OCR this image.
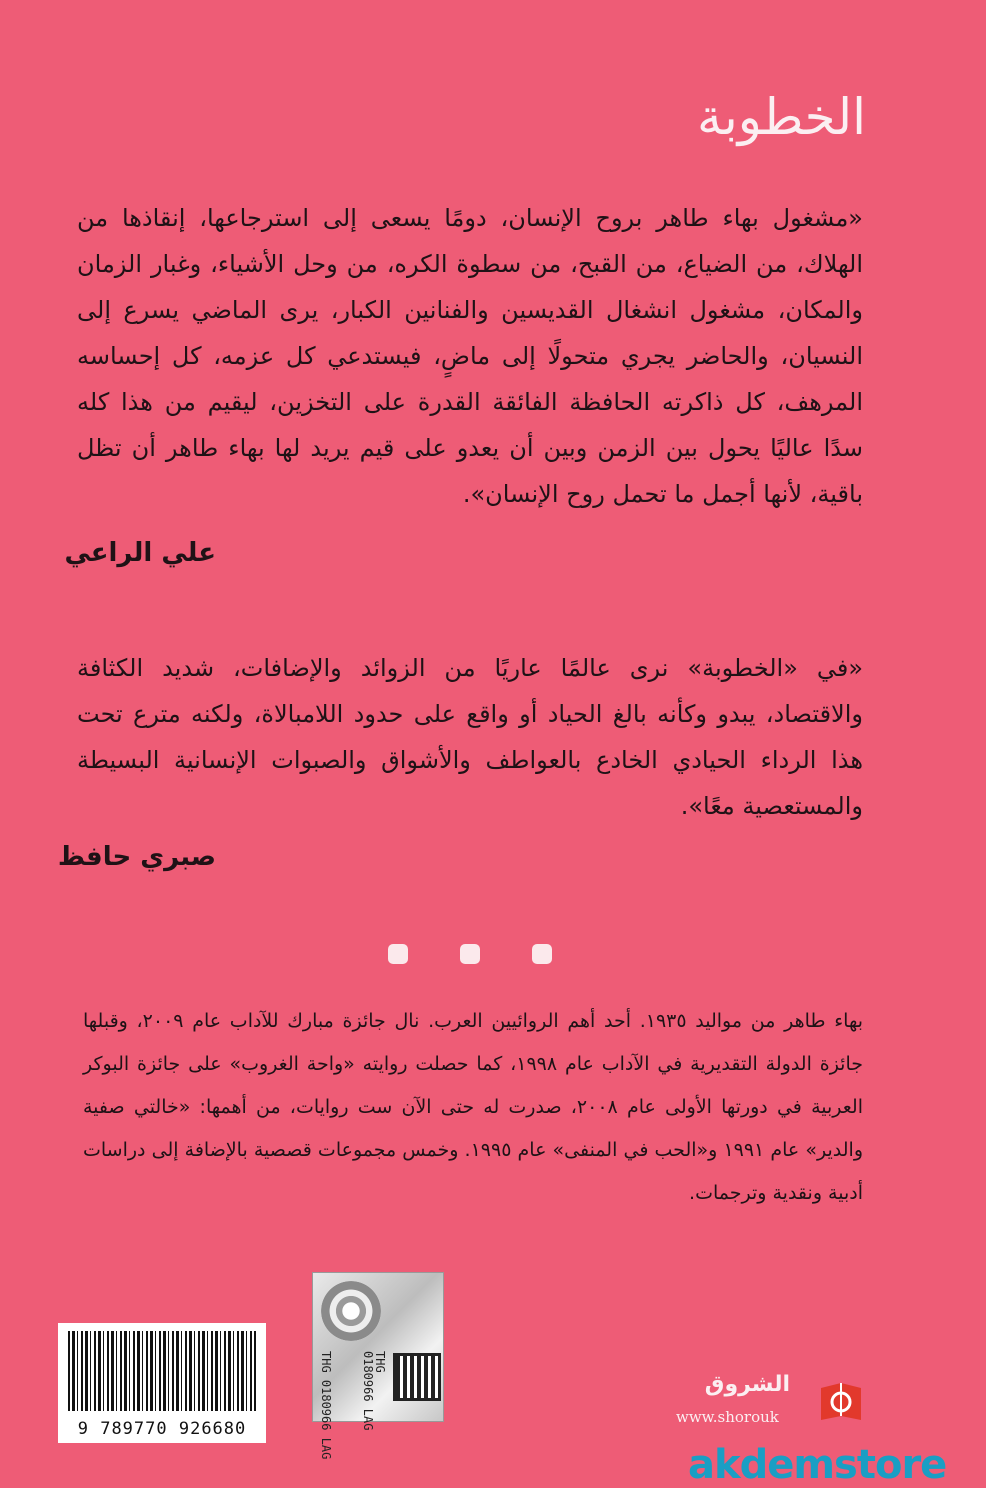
الخطوبة

«مشغول بهاء طاهر بروح الإنسان، دومًا يسعى إلى استرجاعها، إنقاذها من الهلاك، من الضياع، من القبح، من سطوة الكره، من وحل الأشياء، وغبار الزمان والمكان، مشغول انشغال القديسين والفنانين الكبار، يرى الماضي يسرع إلى النسيان، والحاضر يجري متحولًا إلى ماضٍ، فيستدعي كل عزمه، كل إحساسه المرهف، كل ذاكرته الحافظة الفائقة القدرة على التخزين، ليقيم من هذا كله سدًا عاليًا يحول بين الزمن وبين أن يعدو على قيم يريد لها بهاء طاهر أن تظل باقية، لأنها أجمل ما تحمل روح الإنسان».

علي الراعي

«في «الخطوبة» نرى عالمًا عاريًا من الزوائد والإضافات، شديد الكثافة والاقتصاد، يبدو وكأنه بالغ الحياد أو واقع على حدود اللامبالاة، ولكنه مترع تحت هذا الرداء الحيادي الخادع بالعواطف والأشواق والصبوات الإنسانية البسيطة والمستعصية معًا».

صبري حافظ

بهاء طاهر من مواليد ١٩٣٥. أحد أهم الروائيين العرب. نال جائزة مبارك للآداب عام ٢٠٠٩، وقبلها جائزة الدولة التقديرية في الآداب عام ١٩٩٨، كما حصلت روايته «واحة الغروب» على جائزة البوكر العربية في دورتها الأولى عام ٢٠٠٨، صدرت له حتى الآن ست روايات، من أهمها: «خالتي صفية والدير» عام ١٩٩١ و«الحب في المنفى» عام ١٩٩٥. وخمس مجموعات قصصية بالإضافة إلى دراسات أدبية ونقدية وترجمات.

THG
0180966 LAG
THG 0180966 LAG
9 789770 926680

الشروق

www.shorouk

akdemstore
